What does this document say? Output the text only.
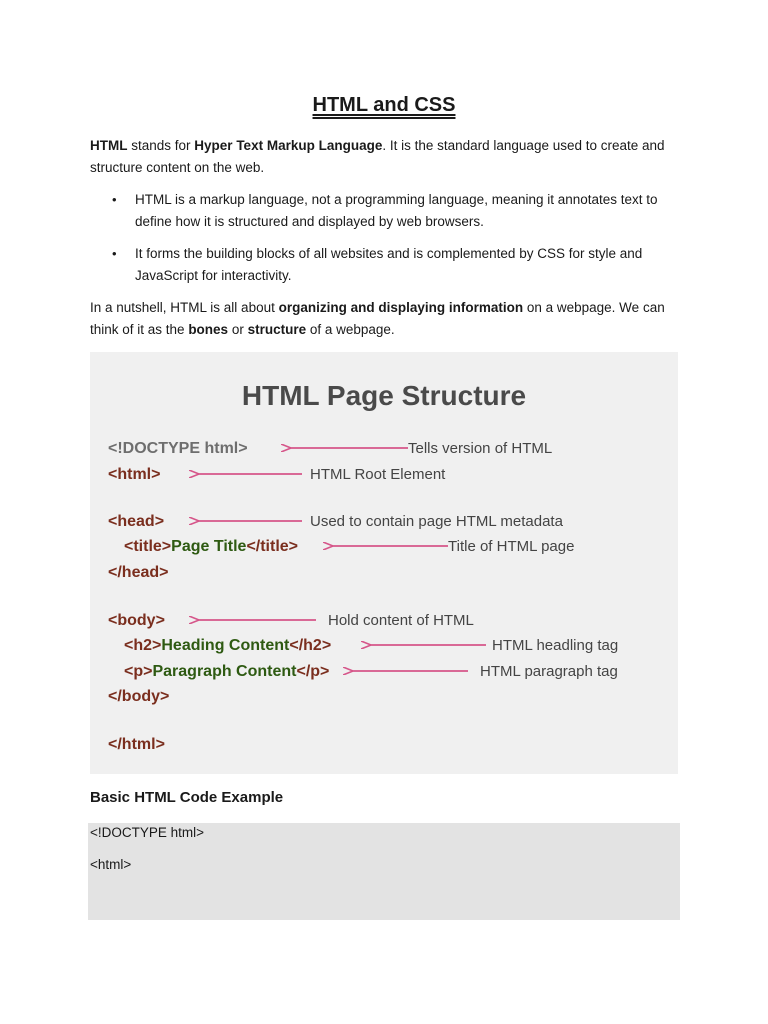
HTML and CSS
HTML stands for Hyper Text Markup Language. It is the standard language used to create and
structure content on the web.
• HTML is a markup language, not a programming language, meaning it annotates text to
define how it is structured and displayed by web browsers.
• It forms the building blocks of all websites and is complemented by CSS for style and
JavaScript for interactivity.
In a nutshell, HTML is all about organizing and displaying information on a webpage. We can
think of it as the bones or structure of a webpage.
HTML Page Structure
<!DOCTYPE html>	Tells version of HTML
<html>	HTML Root Element
<head>	Used to contain page HTML metadata
<title>Page Title</title>	Title of HTML page
</head>
<body>	Hold content of HTML
<h2>Heading Content</h2>	HTML headling tag
<p>Paragraph Content</p>	HTML paragraph tag
</body>
</html>
Basic HTML Code Example
<!DOCTYPE html>
<html>
